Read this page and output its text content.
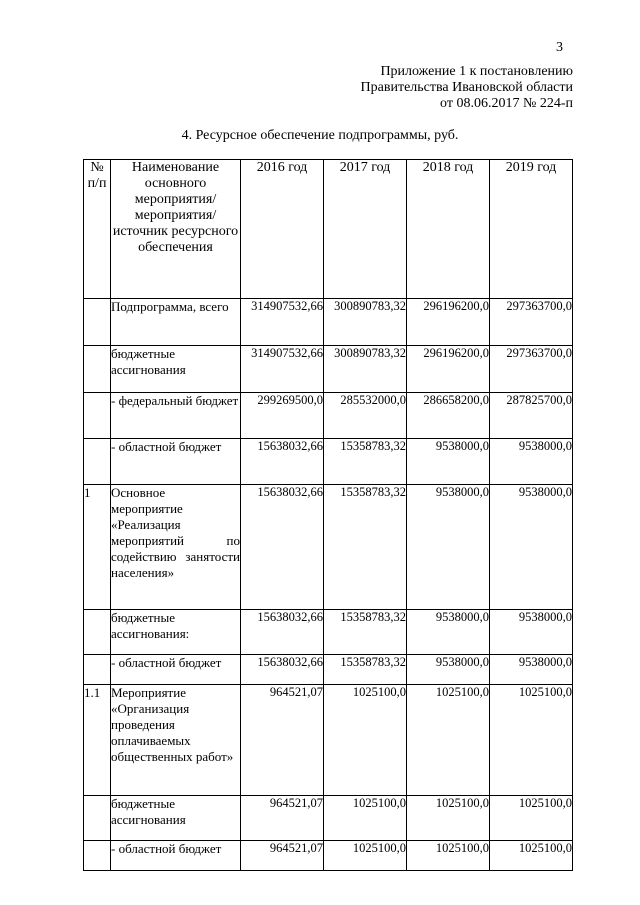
3
Приложение 1 к постановлению
Правительства Ивановской области
от 08.06.2017 № 224-п
4. Ресурсное обеспечение подпрограммы, руб.
№ п/п	Наименование основного мероприятия/мероприятия/ источник ресурсного обеспечения	2016 год	2017 год	2018 год	2019 год
	Подпрограмма, всего	314907532,66	300890783,32	296196200,0	297363700,0
	бюджетные ассигнования	314907532,66	300890783,32	296196200,0	297363700,0
	- федеральный бюджет	299269500,0	285532000,0	286658200,0	287825700,0
	- областной бюджет	15638032,66	15358783,32	9538000,0	9538000,0
1	Основное мероприятие «Реализация мероприятий по содействию занятости населения»	15638032,66	15358783,32	9538000,0	9538000,0
	бюджетные ассигнования:	15638032,66	15358783,32	9538000,0	9538000,0
	- областной бюджет	15638032,66	15358783,32	9538000,0	9538000,0
1.1	Мероприятие «Организация проведения оплачиваемых общественных работ»	964521,07	1025100,0	1025100,0	1025100,0
	бюджетные ассигнования	964521,07	1025100,0	1025100,0	1025100,0
	- областной бюджет	964521,07	1025100,0	1025100,0	1025100,0
